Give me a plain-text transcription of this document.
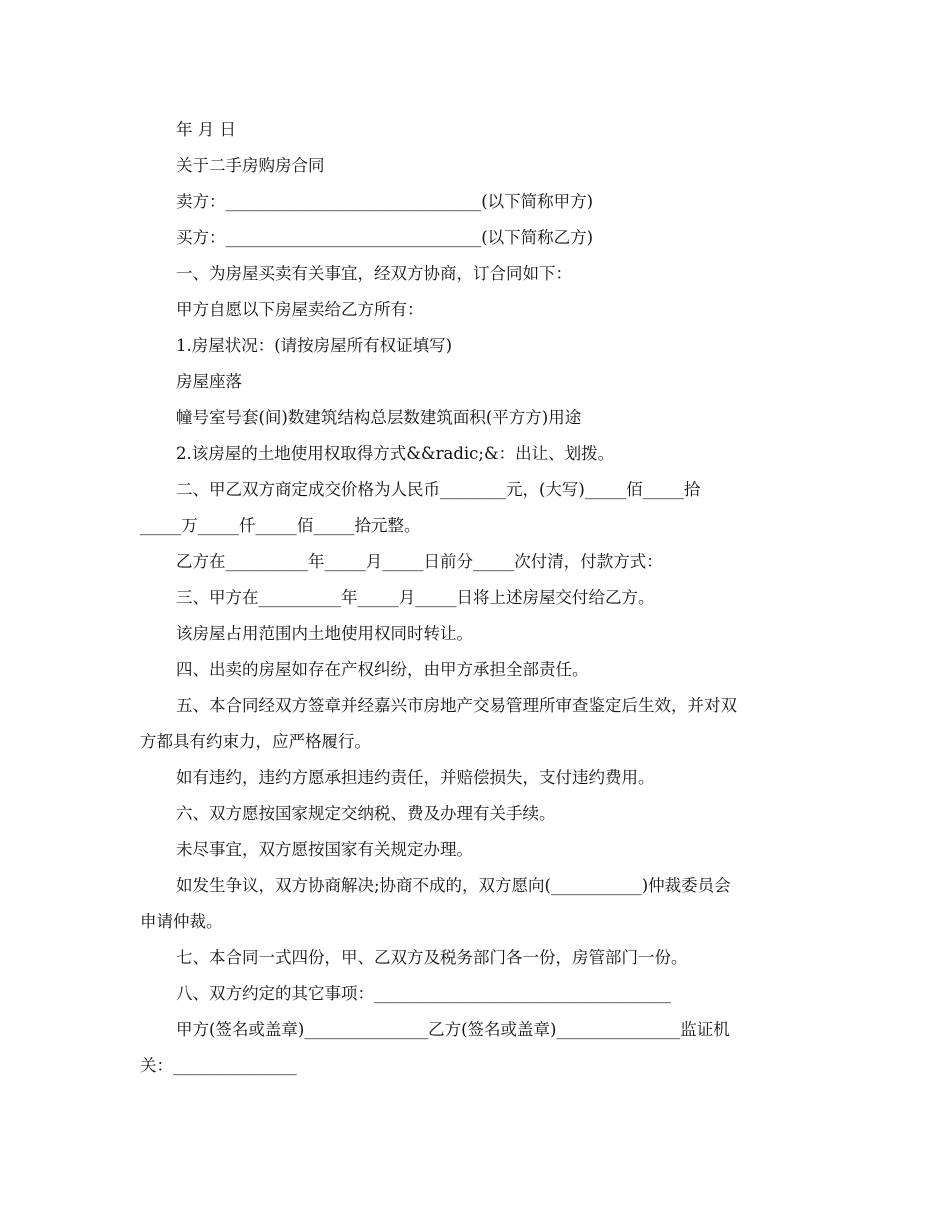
年 月 日
关于二手房购房合同
卖方：_______________________________(以下简称甲方)
买方：_______________________________(以下简称乙方)
一、为房屋买卖有关事宜，经双方协商，订合同如下：
甲方自愿以下房屋卖给乙方所有：
1.房屋状况：(请按房屋所有权证填写)
房屋座落
幢号室号套(间)数建筑结构总层数建筑面积(平方方)用途
2.该房屋的土地使用权取得方式&&radic;&：出让、划拨。
二、甲乙双方商定成交价格为人民币________元，(大写)_____佰_____拾
_____万_____仟_____佰_____拾元整。
乙方在__________年_____月_____日前分_____次付清，付款方式：
三、甲方在__________年_____月_____日将上述房屋交付给乙方。
该房屋占用范围内土地使用权同时转让。
四、出卖的房屋如存在产权纠纷，由甲方承担全部责任。
五、本合同经双方签章并经嘉兴市房地产交易管理所审查鉴定后生效，并对双
方都具有约束力，应严格履行。
如有违约，违约方愿承担违约责任，并赔偿损失，支付违约费用。
六、双方愿按国家规定交纳税、费及办理有关手续。
未尽事宜，双方愿按国家有关规定办理。
如发生争议，双方协商解决;协商不成的，双方愿向(___________)仲裁委员会
申请仲裁。
七、本合同一式四份，甲、乙双方及税务部门各一份，房管部门一份。
八、双方约定的其它事项：____________________________________
甲方(签名或盖章)_______________乙方(签名或盖章)_______________监证机
关：_______________
